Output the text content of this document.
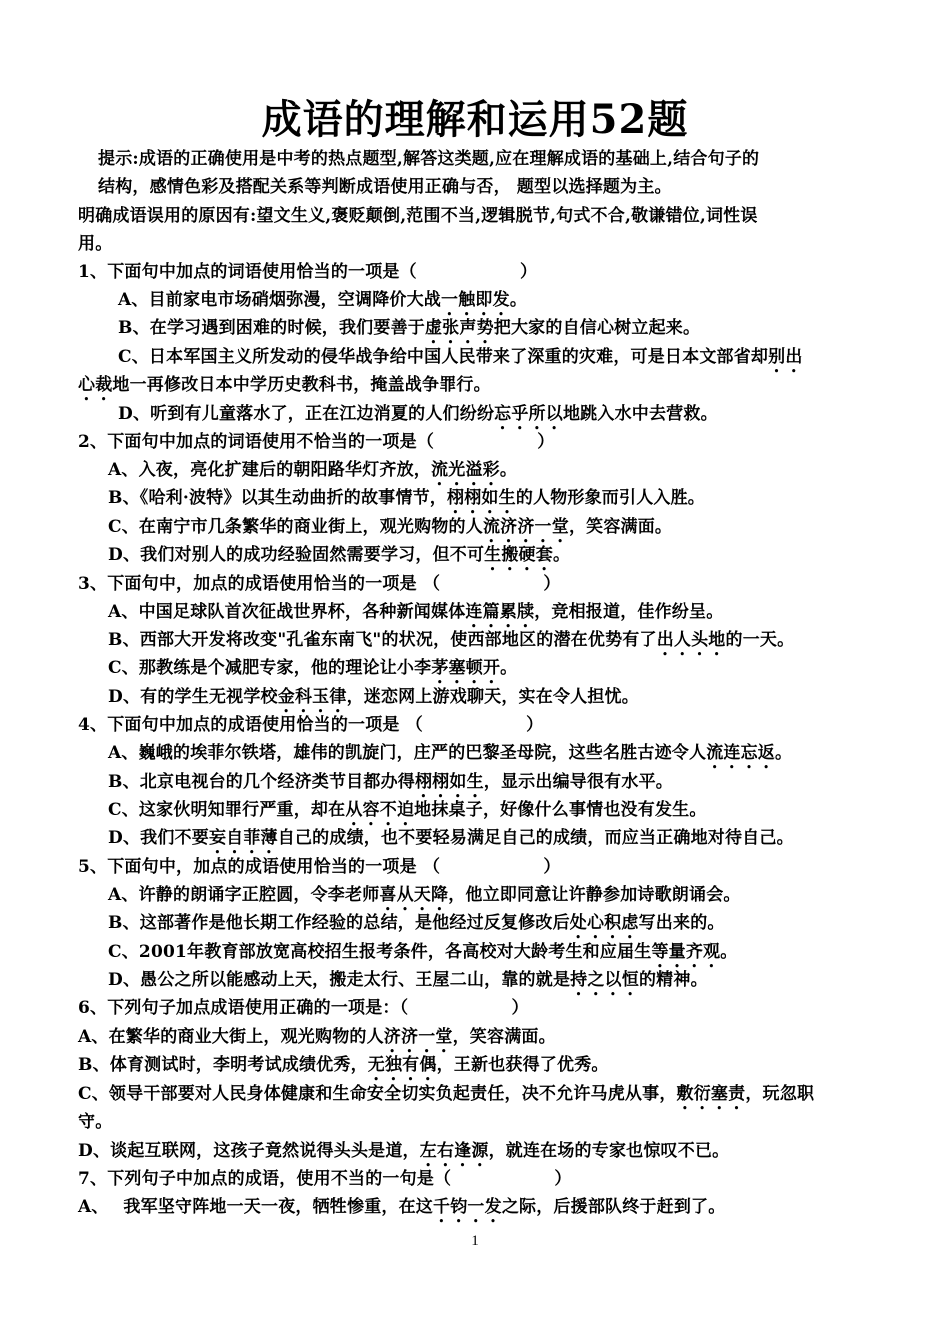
成语的理解和运用52题
提示:成语的正确使用是中考的热点题型,解答这类题,应在理解成语的基础上,结合句子的
结构，感情色彩及搭配关系等判断成语使用正确与否， 题型以选择题为主。
明确成语误用的原因有:望文生义,褒贬颠倒,范围不当,逻辑脱节,句式不合,敬谦错位,词性误
用。
1、下面句中加点的词语使用恰当的一项是（　　　　　　）
A、目前家电市场硝烟弥漫，空调降价大战一触即发。
B、在学习遇到困难的时候，我们要善于虚张声势把大家的自信心树立起来。
C、日本军国主义所发动的侵华战争给中国人民带来了深重的灾难，可是日本文部省却别出
心裁地一再修改日本中学历史教科书，掩盖战争罪行。
D、听到有儿童落水了，正在江边消夏的人们纷纷忘乎所以地跳入水中去营救。
2、下面句中加点的词语使用不恰当的一项是（　　　　　　）
A、入夜，亮化扩建后的朝阳路华灯齐放，流光溢彩。
B、《哈利·波特》以其生动曲折的故事情节，栩栩如生的人物形象而引人入胜。
C、在南宁市几条繁华的商业街上，观光购物的人流济济一堂，笑容满面。
D、我们对别人的成功经验固然需要学习，但不可生搬硬套。
3、下面句中，加点的成语使用恰当的一项是 （　　　　　　）
A、中国足球队首次征战世界杯，各种新闻媒体连篇累牍，竞相报道，佳作纷呈。
B、西部大开发将改变"孔雀东南飞"的状况，使西部地区的潜在优势有了出人头地的一天。
C、那教练是个减肥专家，他的理论让小李茅塞顿开。
D、有的学生无视学校金科玉律，迷恋网上游戏聊天，实在令人担忧。
4、下面句中加点的成语使用恰当的一项是 （　　　　　　）
A、巍峨的埃菲尔铁塔，雄伟的凯旋门，庄严的巴黎圣母院，这些名胜古迹令人流连忘返。
B、北京电视台的几个经济类节目都办得栩栩如生，显示出编导很有水平。
C、这家伙明知罪行严重，却在从容不迫地抹桌子，好像什么事情也没有发生。
D、我们不要妄自菲薄自己的成绩，也不要轻易满足自己的成绩，而应当正确地对待自己。
5、下面句中，加点的成语使用恰当的一项是 （　　　　　　）
A、许静的朗诵字正腔圆，令李老师喜从天降，他立即同意让许静参加诗歌朗诵会。
B、这部著作是他长期工作经验的总结，是他经过反复修改后处心积虑写出来的。
C、2001年教育部放宽高校招生报考条件，各高校对大龄考生和应届生等量齐观。
D、愚公之所以能感动上天，搬走太行、王屋二山，靠的就是持之以恒的精神。
6、下列句子加点成语使用正确的一项是：（　　　　　　）
A、在繁华的商业大街上，观光购物的人济济一堂，笑容满面。
B、体育测试时，李明考试成绩优秀，无独有偶，王新也获得了优秀。
C、领导干部要对人民身体健康和生命安全切实负起责任，决不允许马虎从事，敷衍塞责，玩忽职
守。
D、谈起互联网，这孩子竟然说得头头是道，左右逢源，就连在场的专家也惊叹不已。
7、下列句子中加点的成语，使用不当的一句是（　　　　　　）
A、　 我军坚守阵地一天一夜，牺牲惨重，在这千钧一发之际，后援部队终于赶到了。
1
